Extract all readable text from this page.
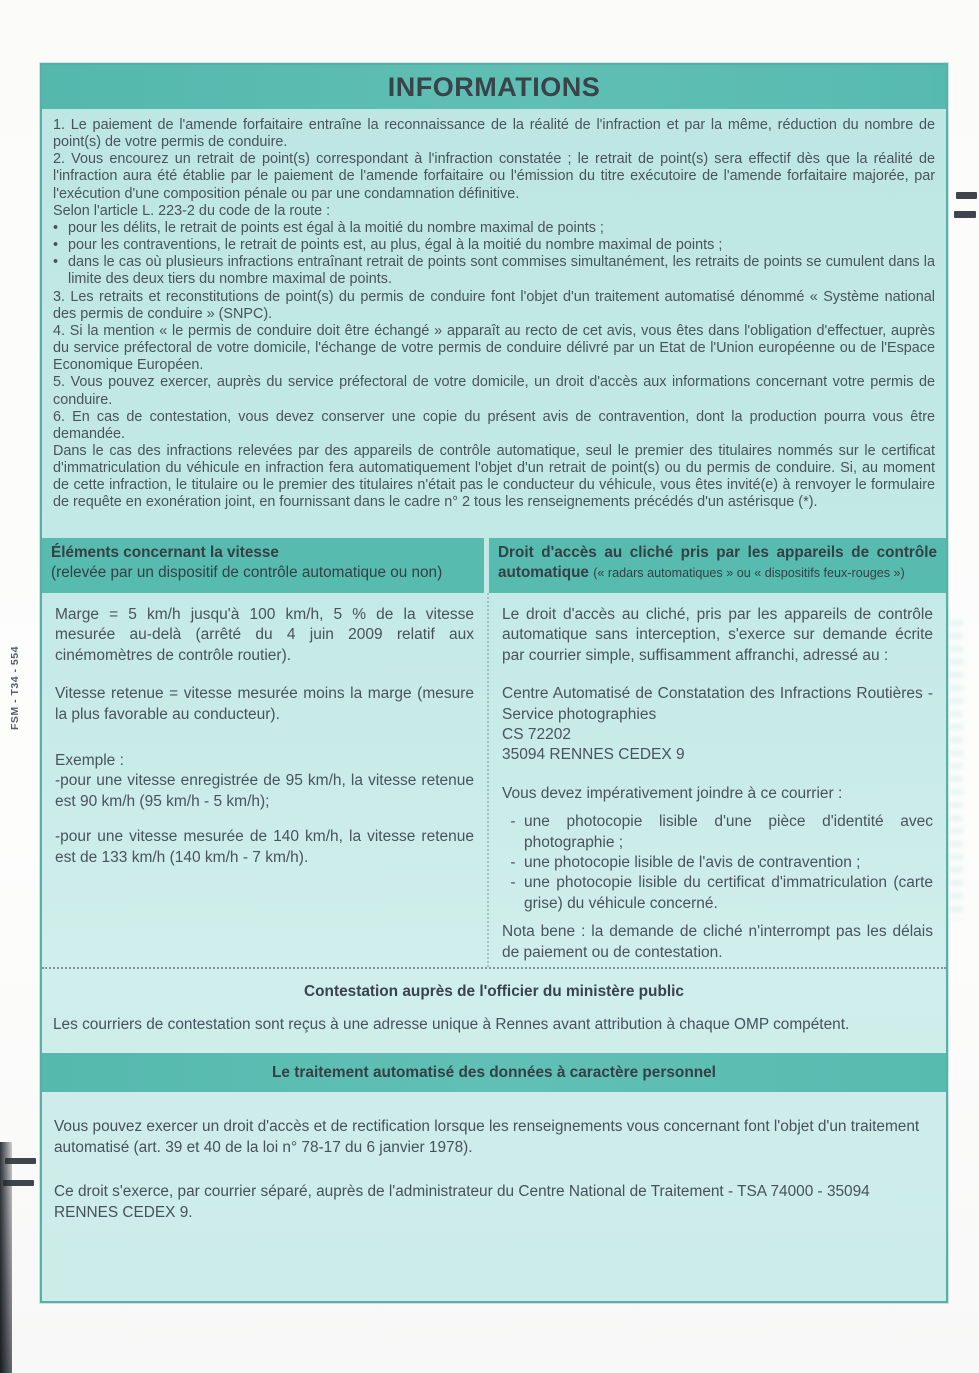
FSM - T34 - 554
INFORMATIONS

1. Le paiement de l'amende forfaitaire entraîne la reconnaissance de la réalité de l'infraction et par la même, réduction du nombre de point(s) de votre permis de conduire.

2. Vous encourez un retrait de point(s) correspondant à l'infraction constatée ; le retrait de point(s) sera effectif dès que la réalité de l'infraction aura été établie par le paiement de l'amende forfaitaire ou l'émission du titre exécutoire de l'amende forfaitaire majorée, par l'exécution d'une composition pénale ou par une condamnation définitive.

Selon l'article L. 223-2 du code de la route :

• pour les délits, le retrait de points est égal à la moitié du nombre maximal de points ;
• pour les contraventions, le retrait de points est, au plus, égal à la moitié du nombre maximal de points ;
• dans le cas où plusieurs infractions entraînant retrait de points sont commises simultanément, les retraits de points se cumulent dans la limite des deux tiers du nombre maximal de points.

3. Les retraits et reconstitutions de point(s) du permis de conduire font l'objet d'un traitement automatisé dénommé « Système national des permis de conduire » (SNPC).

4. Si la mention « le permis de conduire doit être échangé » apparaît au recto de cet avis, vous êtes dans l'obligation d'effectuer, auprès du service préfectoral de votre domicile, l'échange de votre permis de conduire délivré par un Etat de l'Union européenne ou de l'Espace Economique Européen.

5. Vous pouvez exercer, auprès du service préfectoral de votre domicile, un droit d'accès aux informations concernant votre permis de conduire.

6. En cas de contestation, vous devez conserver une copie du présent avis de contravention, dont la production pourra vous être demandée.

Dans le cas des infractions relevées par des appareils de contrôle automatique, seul le premier des titulaires nommés sur le certificat d'immatriculation du véhicule en infraction fera automatiquement l'objet d'un retrait de point(s) ou du permis de conduire. Si, au moment de cette infraction, le titulaire ou le premier des titulaires n'était pas le conducteur du véhicule, vous êtes invité(e) à renvoyer le formulaire de requête en exonération joint, en fournissant dans le cadre n° 2 tous les renseignements précédés d'un astérisque (*).

Éléments concernant la vitesse
(relevée par un dispositif de contrôle automatique ou non)
Droit d'accès au cliché pris par les appareils de contrôle automatique (« radars automatiques » ou « dispositifs feux-rouges »)

Marge = 5 km/h jusqu'à 100 km/h, 5 % de la vitesse mesurée au-delà (arrêté du 4 juin 2009 relatif aux cinémomètres de contrôle routier).

Vitesse retenue = vitesse mesurée moins la marge (mesure la plus favorable au conducteur).

Exemple :

-pour une vitesse enregistrée de 95 km/h, la vitesse retenue est 90 km/h (95 km/h - 5 km/h);

-pour une vitesse mesurée de 140 km/h, la vitesse retenue est de 133 km/h (140 km/h - 7 km/h).

Le droit d'accès au cliché, pris par les appareils de contrôle automatique sans interception, s'exerce sur demande écrite par courrier simple, suffisamment affranchi, adressé au :

Centre Automatisé de Constatation des Infractions Routières - Service photographies

CS 72202

35094 RENNES CEDEX 9

Vous devez impérativement joindre à ce courrier :

- une photocopie lisible d'une pièce d'identité avec photographie ;
- une photocopie lisible de l'avis de contravention ;
- une photocopie lisible du certificat d'immatriculation (carte grise) du véhicule concerné.

Nota bene : la demande de cliché n'interrompt pas les délais de paiement ou de contestation.

Contestation auprès de l'officier du ministère public

Les courriers de contestation sont reçus à une adresse unique à Rennes avant attribution à chaque OMP compétent.

Le traitement automatisé des données à caractère personnel

Vous pouvez exercer un droit d'accès et de rectification lorsque les renseignements vous concernant font l'objet d'un traitement automatisé (art. 39 et 40 de la loi n° 78-17 du 6 janvier 1978).

Ce droit s'exerce, par courrier séparé, auprès de l'administrateur du Centre National de Traitement - TSA 74000 - 35094 RENNES CEDEX 9.
